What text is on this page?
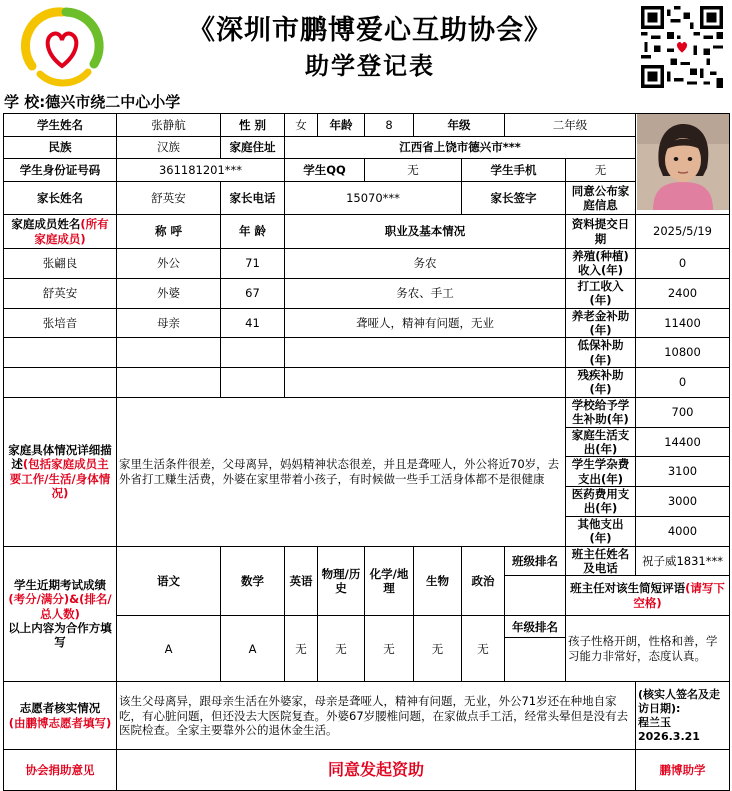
《深圳市鹏博爱心互助协会》
助学登记表
学 校:德兴市绕二中心小学
学生姓名	张静航	性 别	女	年龄	8	年级		二年级	
民族	汉族	家庭住址	江西省上饶市德兴市***							
学生身份证号码	361181201***		学生QQ		无		学生手机		无	
家长姓名	舒英安	家长电话	15070***				家长签字		同意公布家庭信息	
家庭成员姓名(所有家庭成员)	称 呼	年 龄	职业及基本情况						资料提交日期	2025/5/19
张翩良	外公	71	务农						养殖(种植)收入(年)	0
舒英安	外婆	67	务农、手工						打工收入(年)	2400
张培音	母亲	41	聋哑人，精神有问题，无业						养老金补助(年)	11400
									低保补助(年)	10800
									残疾补助(年)	0
家庭具体情况详细描述(包括家庭成员主要工作/生活/身体情况)	家里生活条件很差，父母离异，妈妈精神状态很差，并且是聋哑人，外公将近70岁，去外省打工赚生活费，外婆在家里带着小孩子，有时候做一些手工活身体都不是很健康								学校给予学生补助(年)	700
									家庭生活支出(年)	14400
									学生学杂费支出(年)	3100
									医药费用支出(年)	3000
									其他支出(年)	4000
学生近期考试成绩
(考分/满分)&(排名/总人数)
以上内容为合作方填写	语文	数学	英语	物理/历史	化学/地理	生物	政治	班级排名	班主任姓名及电话	祝子威1831***
									班主任对该生简短评语(请写下空格)	
	A	A	无	无	无	无	无	年级排名	孩子性格开朗，性格和善，学习能力非常好，态度认真。	

志愿者核实情况
(由鹏博志愿者填写)	该生父母离异，跟母亲生活在外婆家，母亲是聋哑人，精神有问题，无业，外公71岁还在种地自家吃，有心脏问题，但还没去大医院复查。外婆67岁腰椎问题，在家做点手工活，经常头晕但是没有去医院检查。全家主要靠外公的退休金生活。									(核实人签名及走访日期):
程兰玉
2026.3.21
协会捐助意见	同意发起资助									鹏博助学
